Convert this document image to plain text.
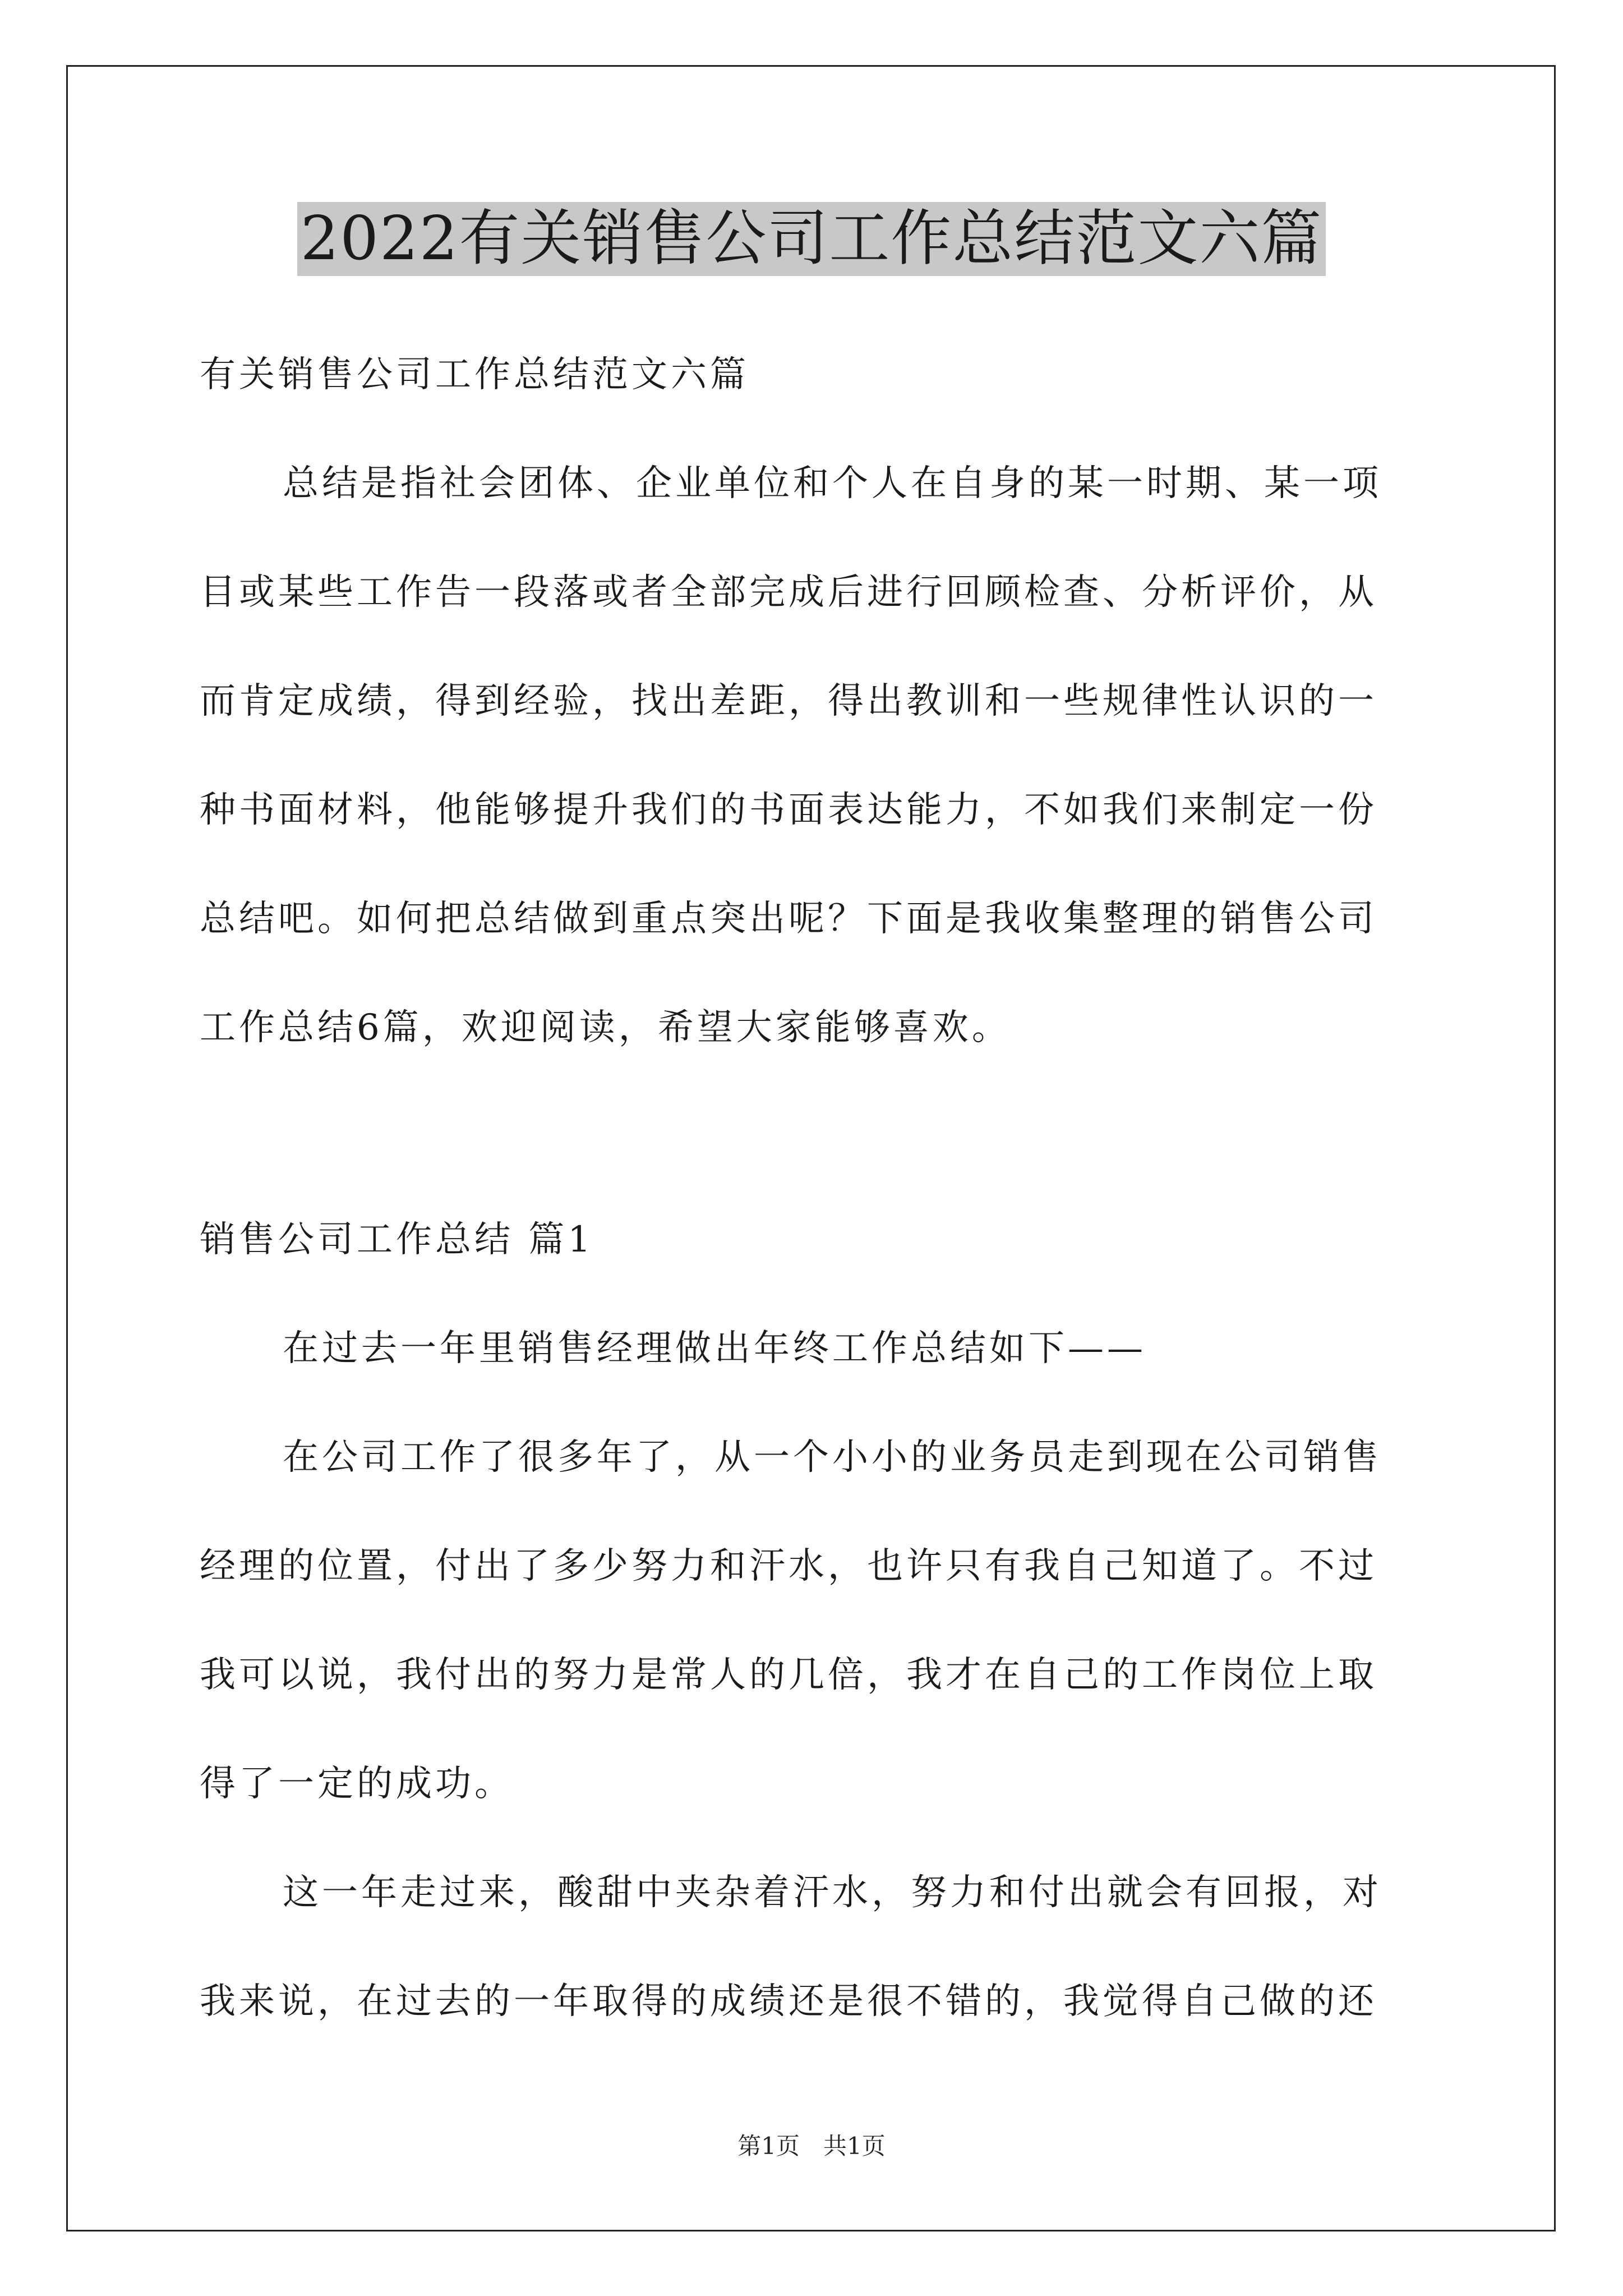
2022有关销售公司工作总结范文六篇
有关销售公司工作总结范文六篇
总结是指社会团体、企业单位和个人在自身的某一时期、某一项
目或某些工作告一段落或者全部完成后进行回顾检查、分析评价，从
而肯定成绩，得到经验，找出差距，得出教训和一些规律性认识的一
种书面材料，他能够提升我们的书面表达能力，不如我们来制定一份
总结吧。如何把总结做到重点突出呢？下面是我收集整理的销售公司
工作总结6篇，欢迎阅读，希望大家能够喜欢。
销售公司工作总结 篇1
在过去一年里销售经理做出年终工作总结如下——
在公司工作了很多年了，从一个小小的业务员走到现在公司销售
经理的位置，付出了多少努力和汗水，也许只有我自己知道了。不过
我可以说，我付出的努力是常人的几倍，我才在自己的工作岗位上取
得了一定的成功。
这一年走过来，酸甜中夹杂着汗水，努力和付出就会有回报，对
我来说，在过去的一年取得的成绩还是很不错的，我觉得自己做的还
第1页　共1页
